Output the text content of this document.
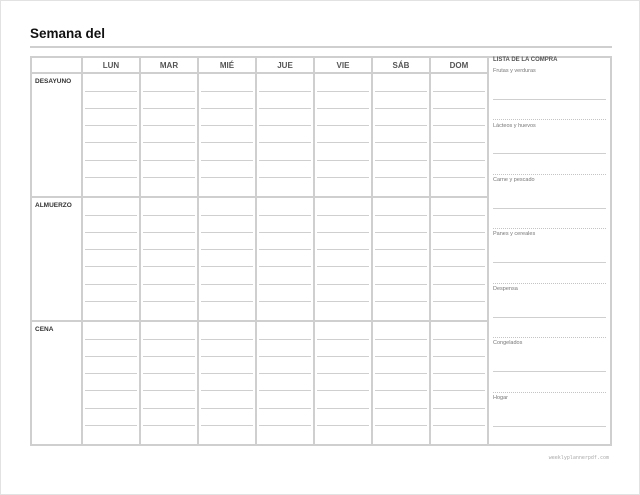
Semana del
	LUN	MAR	MIÉ	JUE	VIE	SÁB	DOM
DESAYUNO	

ALMUERZO	

CENA	

LISTA DE LA COMPRA
Frutas y verduras
Lácteos y huevos
Carne y pescado
Panes y cereales
Despensa
Congelados
Hogar
weeklyplannerpdf.com
